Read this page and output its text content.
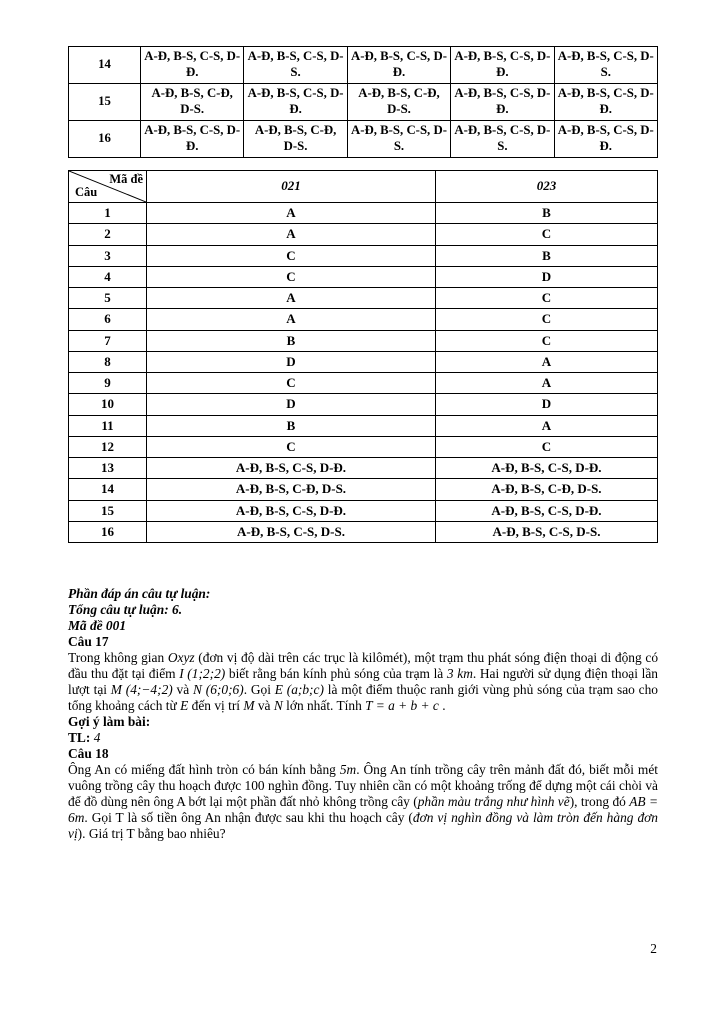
14	A-Đ, B-S, C-S, D-Đ.	A-Đ, B-S, C-S, D-S.	A-Đ, B-S, C-S, D-Đ.	A-Đ, B-S, C-S, D-Đ.	A-Đ, B-S, C-S, D-S.
15	A-Đ, B-S, C-Đ, D-S.	A-Đ, B-S, C-S, D-Đ.	A-Đ, B-S, C-Đ, D-S.	A-Đ, B-S, C-S, D-Đ.	A-Đ, B-S, C-S, D-Đ.
16	A-Đ, B-S, C-S, D-Đ.	A-Đ, B-S, C-Đ, D-S.	A-Đ, B-S, C-S, D-S.	A-Đ, B-S, C-S, D-S.	A-Đ, B-S, C-S, D-Đ.
Mã đề
Câu	021	023
1	A	B
2	A	C
3	C	B
4	C	D
5	A	C
6	A	C
7	B	C
8	D	A
9	C	A
10	D	D
11	B	A
12	C	C
13	A-Đ, B-S, C-S, D-Đ.	A-Đ, B-S, C-S, D-Đ.
14	A-Đ, B-S, C-Đ, D-S.	A-Đ, B-S, C-Đ, D-S.
15	A-Đ, B-S, C-S, D-Đ.	A-Đ, B-S, C-S, D-Đ.
16	A-Đ, B-S, C-S, D-S.	A-Đ, B-S, C-S, D-S.

Phần đáp án câu tự luận:

Tổng câu tự luận: 6.

Mã đề 001

Câu 17

Trong không gian Oxyz (đơn vị độ dài trên các trục là kilômét), một trạm thu phát sóng điện thoại di động có đầu thu đặt tại điểm I (1;2;2) biết rằng bán kính phủ sóng của trạm là 3 km. Hai người sử dụng điện thoại lần lượt tại M (4;−4;2) và N (6;0;6). Gọi E (a;b;c) là một điểm thuộc ranh giới vùng phủ sóng của trạm sao cho tổng khoảng cách từ E đến vị trí M và N lớn nhất. Tính T = a + b + c .

Gợi ý làm bài:

TL: 4

Câu 18

Ông An có miếng đất hình tròn có bán kính bằng 5m. Ông An tính trồng cây trên mảnh đất đó, biết mỗi mét vuông trồng cây thu hoạch được 100 nghìn đồng. Tuy nhiên cần có một khoảng trống để dựng một cái chòi và để đồ dùng nên ông A bớt lại một phần đất nhỏ không trồng cây (phần màu trắng như hình vẽ), trong đó AB = 6m. Gọi T là số tiền ông An nhận được sau khi thu hoạch cây (đơn vị nghìn đồng và làm tròn đến hàng đơn vị). Giá trị T bằng bao nhiêu?

2
